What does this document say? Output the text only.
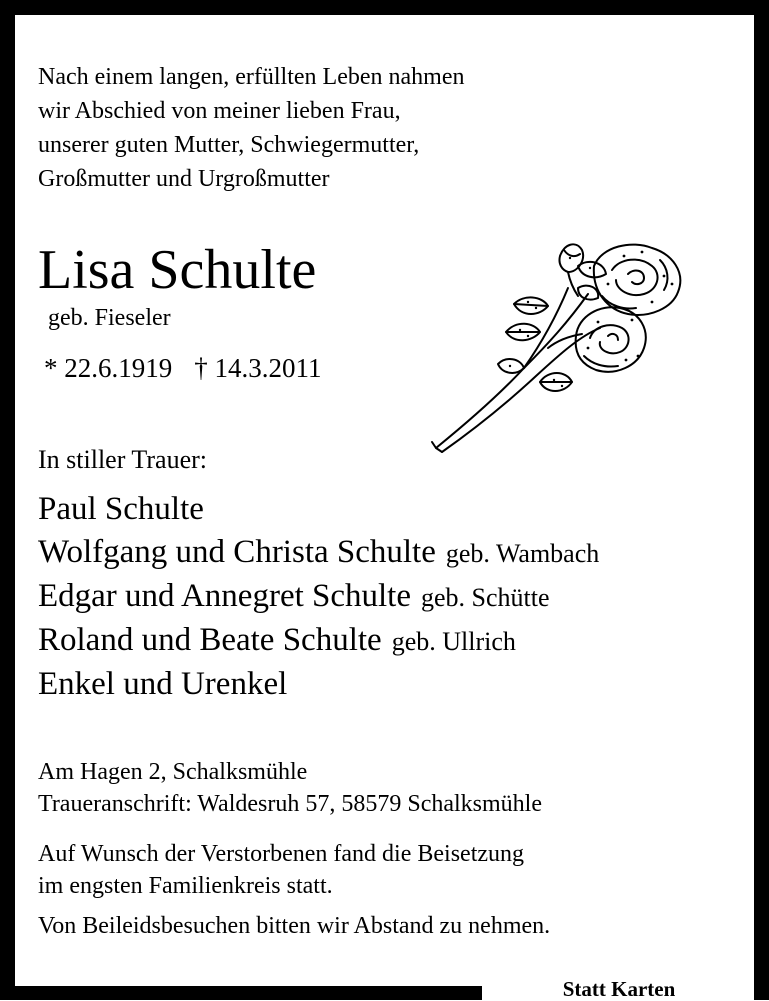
Nach einem langen, erfüllten Leben nahmen
wir Abschied von meiner lieben Frau,
unserer guten Mutter, Schwiegermutter,
Großmutter und Urgroßmutter
Lisa Schulte
geb. Fieseler
* 22.6.1919 † 14.3.2011
In stiller Trauer:
Paul Schulte
Wolfgang und Christa Schulte geb. Wambach
Edgar und Annegret Schulte geb. Schütte
Roland und Beate Schulte geb. Ullrich
Enkel und Urenkel
Am Hagen 2, Schalksmühle
Traueranschrift: Waldesruh 57, 58579 Schalksmühle
Auf Wunsch der Verstorbenen fand die Beisetzung
im engsten Familienkreis statt.
Von Beileidsbesuchen bitten wir Abstand zu nehmen.
Statt Karten
